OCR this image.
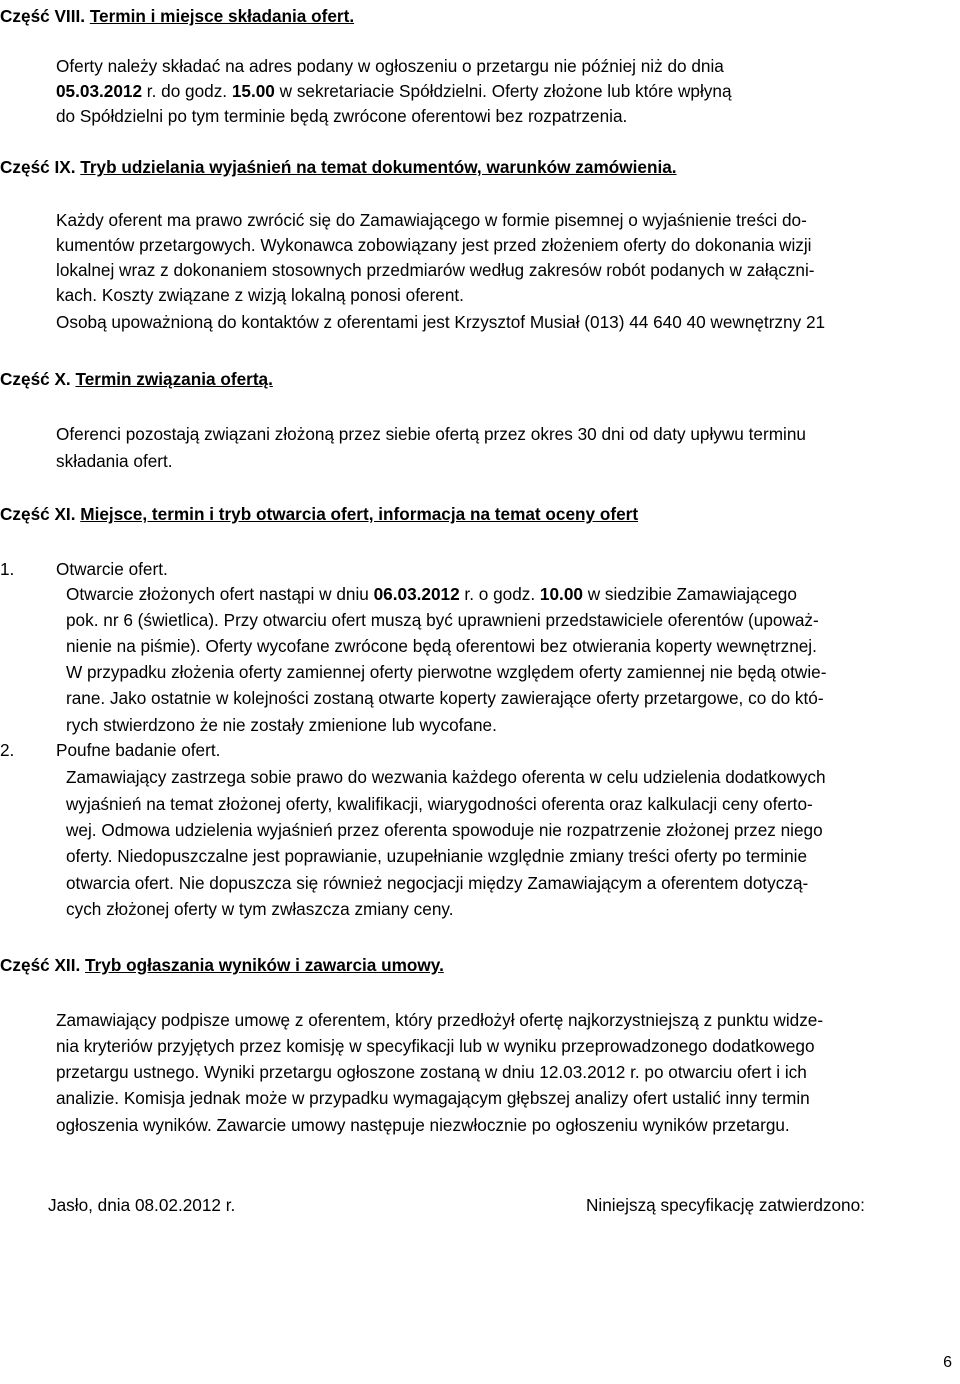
Część VIII. Termin i miejsce składania ofert.
Oferty należy składać na adres podany w ogłoszeniu o przetargu nie później niż do dnia
05.03.2012 r. do godz. 15.00 w sekretariacie Spółdzielni. Oferty złożone lub które wpłyną
do Spółdzielni po tym terminie będą zwrócone oferentowi bez rozpatrzenia.
Część IX. Tryb udzielania wyjaśnień na temat dokumentów, warunków zamówienia.
Każdy oferent ma prawo zwrócić się do Zamawiającego w formie pisemnej o wyjaśnienie treści do-
kumentów przetargowych. Wykonawca zobowiązany jest przed złożeniem oferty do dokonania wizji
lokalnej wraz z dokonaniem stosownych przedmiarów według zakresów robót podanych w załączni-
kach. Koszty związane z wizją lokalną ponosi oferent.
Osobą upoważnioną do kontaktów z oferentami jest Krzysztof Musiał (013) 44 640 40 wewnętrzny 21
Część X. Termin związania ofertą.
Oferenci pozostają związani złożoną przez siebie ofertą przez okres 30 dni od daty upływu terminu
składania ofert.
Część XI. Miejsce, termin i tryb otwarcia ofert, informacja na temat oceny ofert
1. Otwarcie ofert.
Otwarcie złożonych ofert nastąpi w dniu 06.03.2012 r. o godz. 10.00 w siedzibie Zamawiającego
pok. nr 6 (świetlica). Przy otwarciu ofert muszą być uprawnieni przedstawiciele oferentów (upoważ-
nienie na piśmie). Oferty wycofane zwrócone będą oferentowi bez otwierania koperty wewnętrznej.
W przypadku złożenia oferty zamiennej oferty pierwotne względem oferty zamiennej nie będą otwie-
rane. Jako ostatnie w kolejności zostaną otwarte koperty zawierające oferty przetargowe, co do któ-
rych stwierdzono że nie zostały zmienione lub wycofane.
2. Poufne badanie ofert.
Zamawiający zastrzega sobie prawo do wezwania każdego oferenta w celu udzielenia dodatkowych
wyjaśnień na temat złożonej oferty, kwalifikacji, wiarygodności oferenta oraz kalkulacji ceny oferto-
wej. Odmowa udzielenia wyjaśnień przez oferenta spowoduje nie rozpatrzenie złożonej przez niego
oferty. Niedopuszczalne jest poprawianie, uzupełnianie względnie zmiany treści oferty po terminie
otwarcia ofert. Nie dopuszcza się również negocjacji między Zamawiającym a oferentem dotyczą-
cych złożonej oferty w tym zwłaszcza zmiany ceny.
Część XII. Tryb ogłaszania wyników i zawarcia umowy.
Zamawiający podpisze umowę z oferentem, który przedłożył ofertę najkorzystniejszą z punktu widze-
nia kryteriów przyjętych przez komisję w specyfikacji lub w wyniku przeprowadzonego dodatkowego
przetargu ustnego. Wyniki przetargu ogłoszone zostaną w dniu 12.03.2012 r. po otwarciu ofert i ich
analizie. Komisja jednak może w przypadku wymagającym głębszej analizy ofert ustalić inny termin
ogłoszenia wyników. Zawarcie umowy następuje niezwłocznie po ogłoszeniu wyników przetargu.
Jasło, dnia 08.02.2012 r.	Niniejszą specyfikację zatwierdzono:
6
